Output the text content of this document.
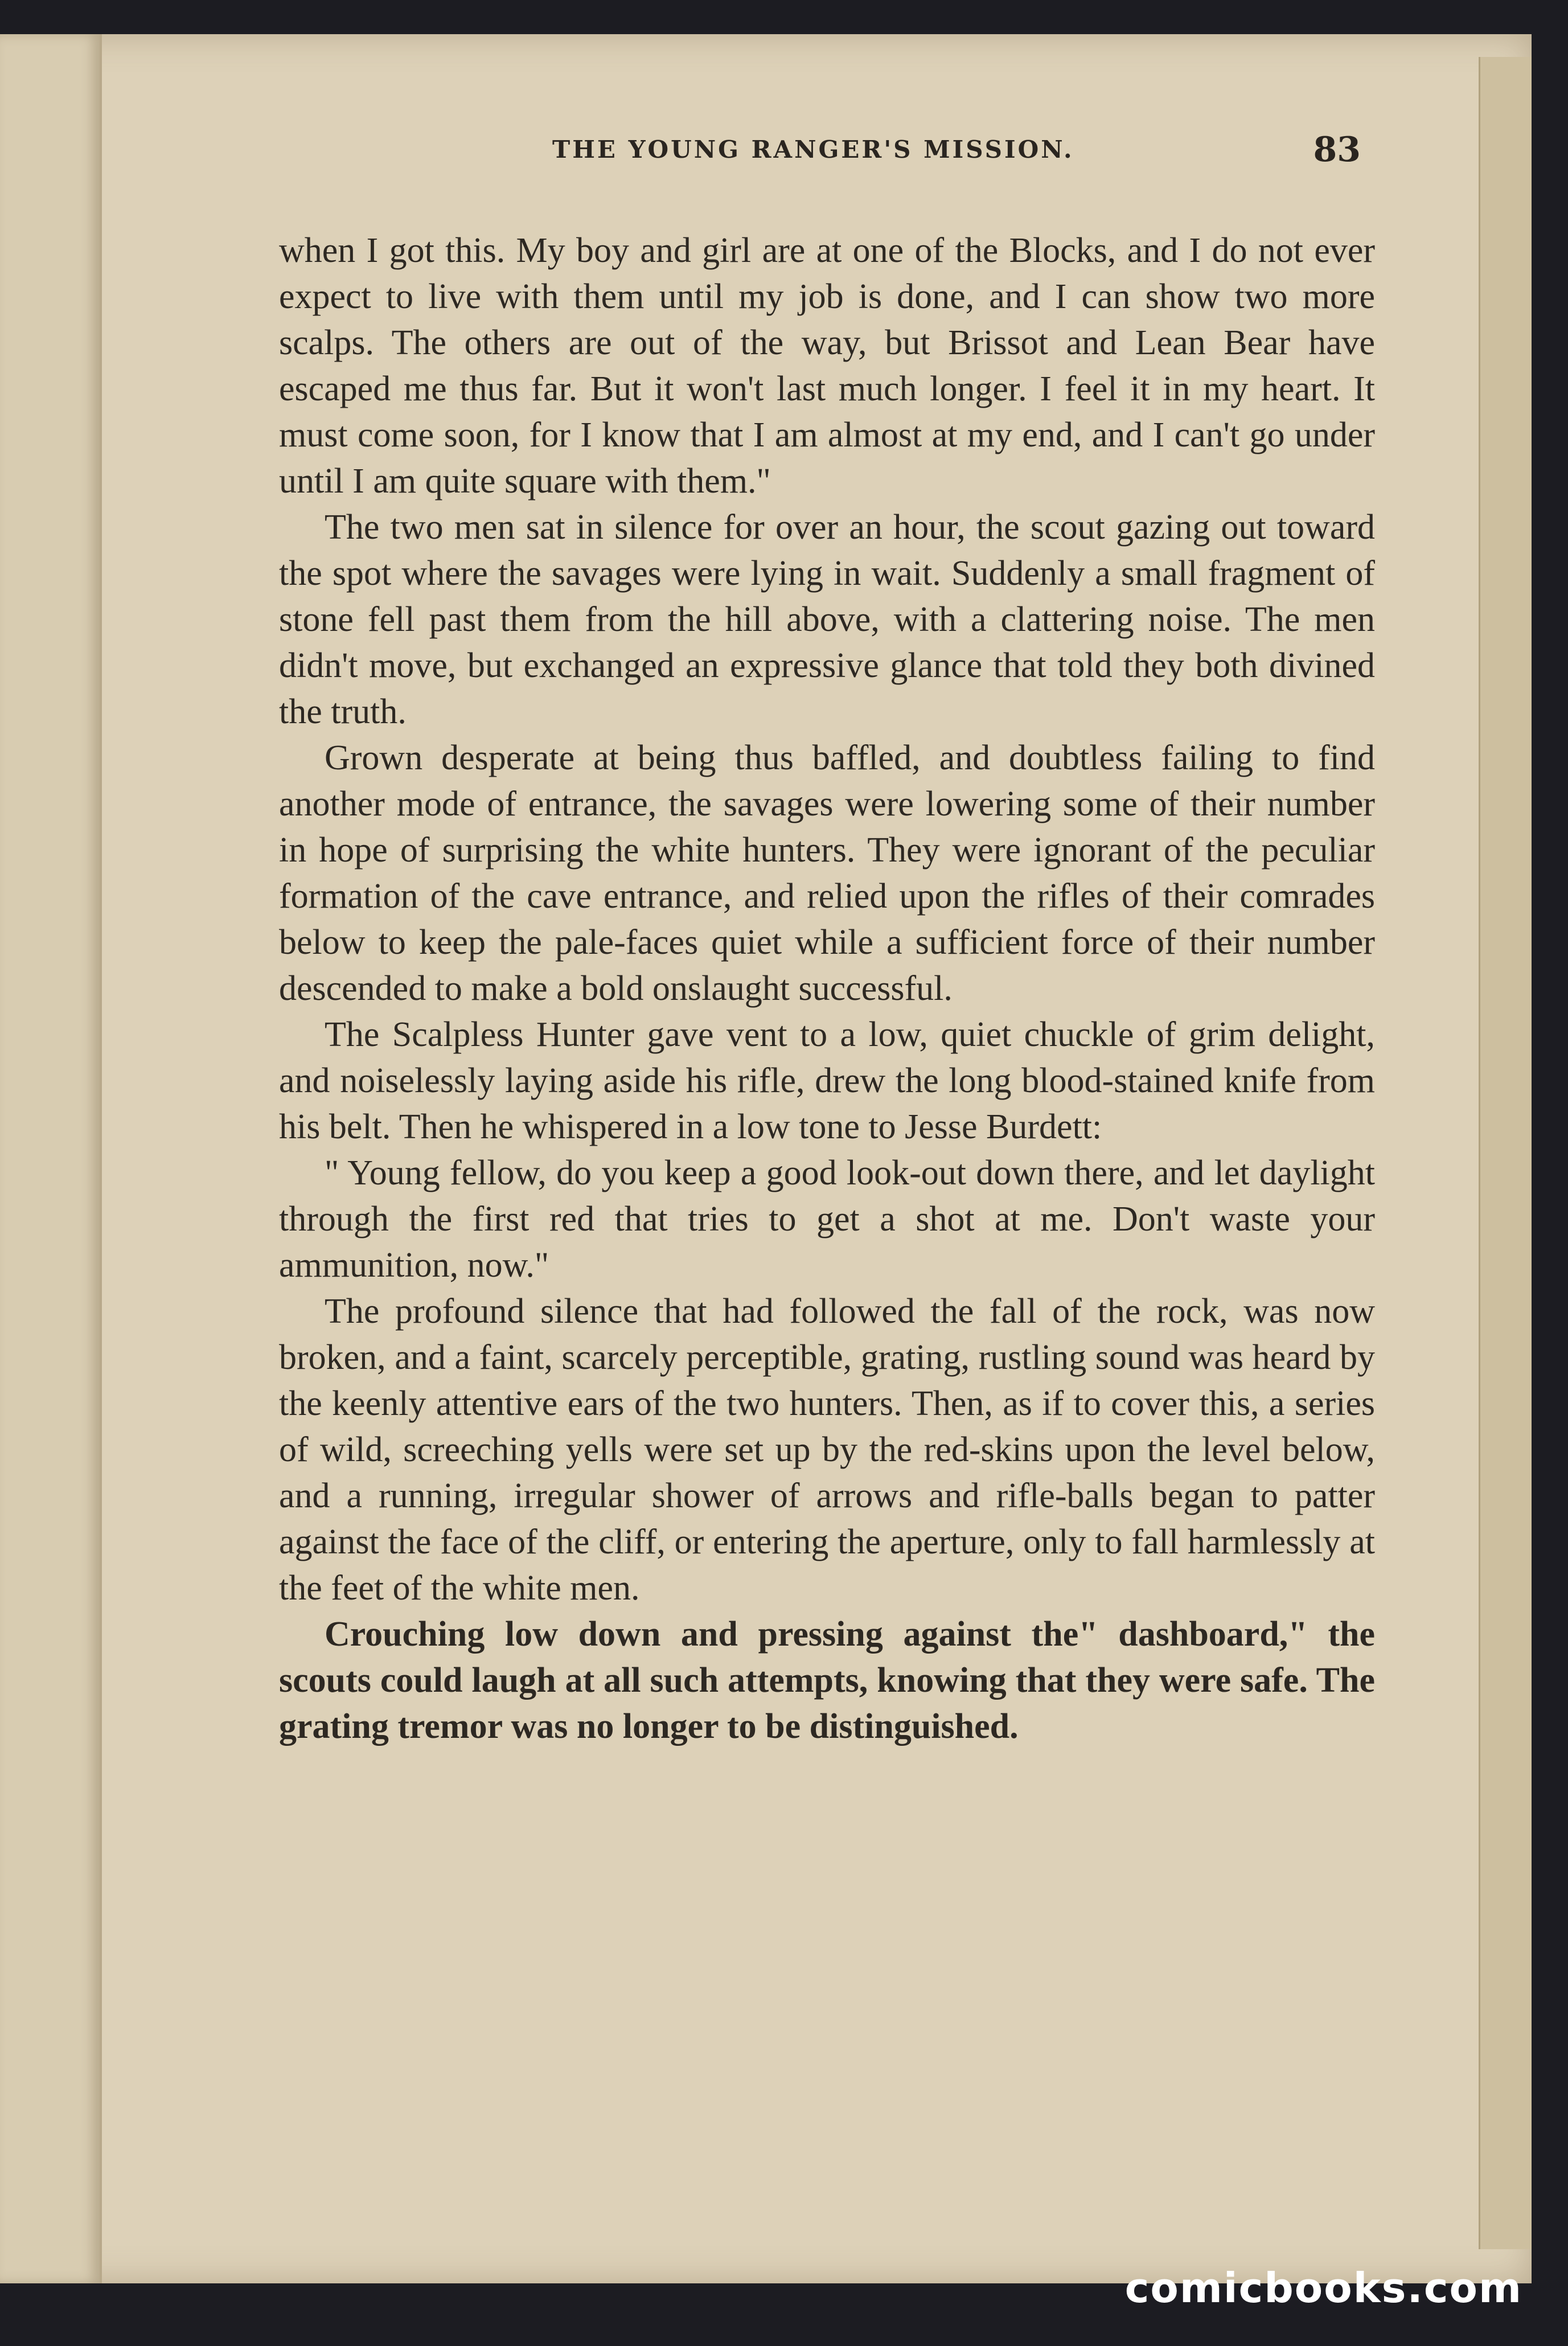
THE YOUNG RANGER'S MISSION.	83

when I got this. My boy and girl are at one of the Blocks, and I do not ever expect to live with them until my job is done, and I can show two more scalps. The others are out of the way, but Brissot and Lean Bear have escaped me thus far. But it won't last much longer. I feel it in my heart. It must come soon, for I know that I am almost at my end, and I can't go under until I am quite square with them."

The two men sat in silence for over an hour, the scout gazing out toward the spot where the savages were lying in wait. Suddenly a small fragment of stone fell past them from the hill above, with a clattering noise. The men didn't move, but exchanged an expressive glance that told they both divined the truth.

Grown desperate at being thus baffled, and doubtless failing to find another mode of entrance, the savages were lowering some of their number in hope of surprising the white hunters. They were ignorant of the peculiar formation of the cave entrance, and relied upon the rifles of their comrades below to keep the pale-faces quiet while a sufficient force of their number descended to make a bold onslaught successful.

The Scalpless Hunter gave vent to a low, quiet chuckle of grim delight, and noiselessly laying aside his rifle, drew the long blood-stained knife from his belt. Then he whispered in a low tone to Jesse Burdett:

" Young fellow, do you keep a good look-out down there, and let daylight through the first red that tries to get a shot at me. Don't waste your ammunition, now."

The profound silence that had followed the fall of the rock, was now broken, and a faint, scarcely perceptible, grating, rustling sound was heard by the keenly attentive ears of the two hunters. Then, as if to cover this, a series of wild, screeching yells were set up by the red-skins upon the level below, and a running, irregular shower of arrows and rifle-balls began to patter against the face of the cliff, or entering the aperture, only to fall harmlessly at the feet of the white men.

Crouching low down and pressing against the" dashboard," the scouts could laugh at all such attempts, knowing that they were safe. The grating tremor was no longer to be distinguished.

comicbooks.com
